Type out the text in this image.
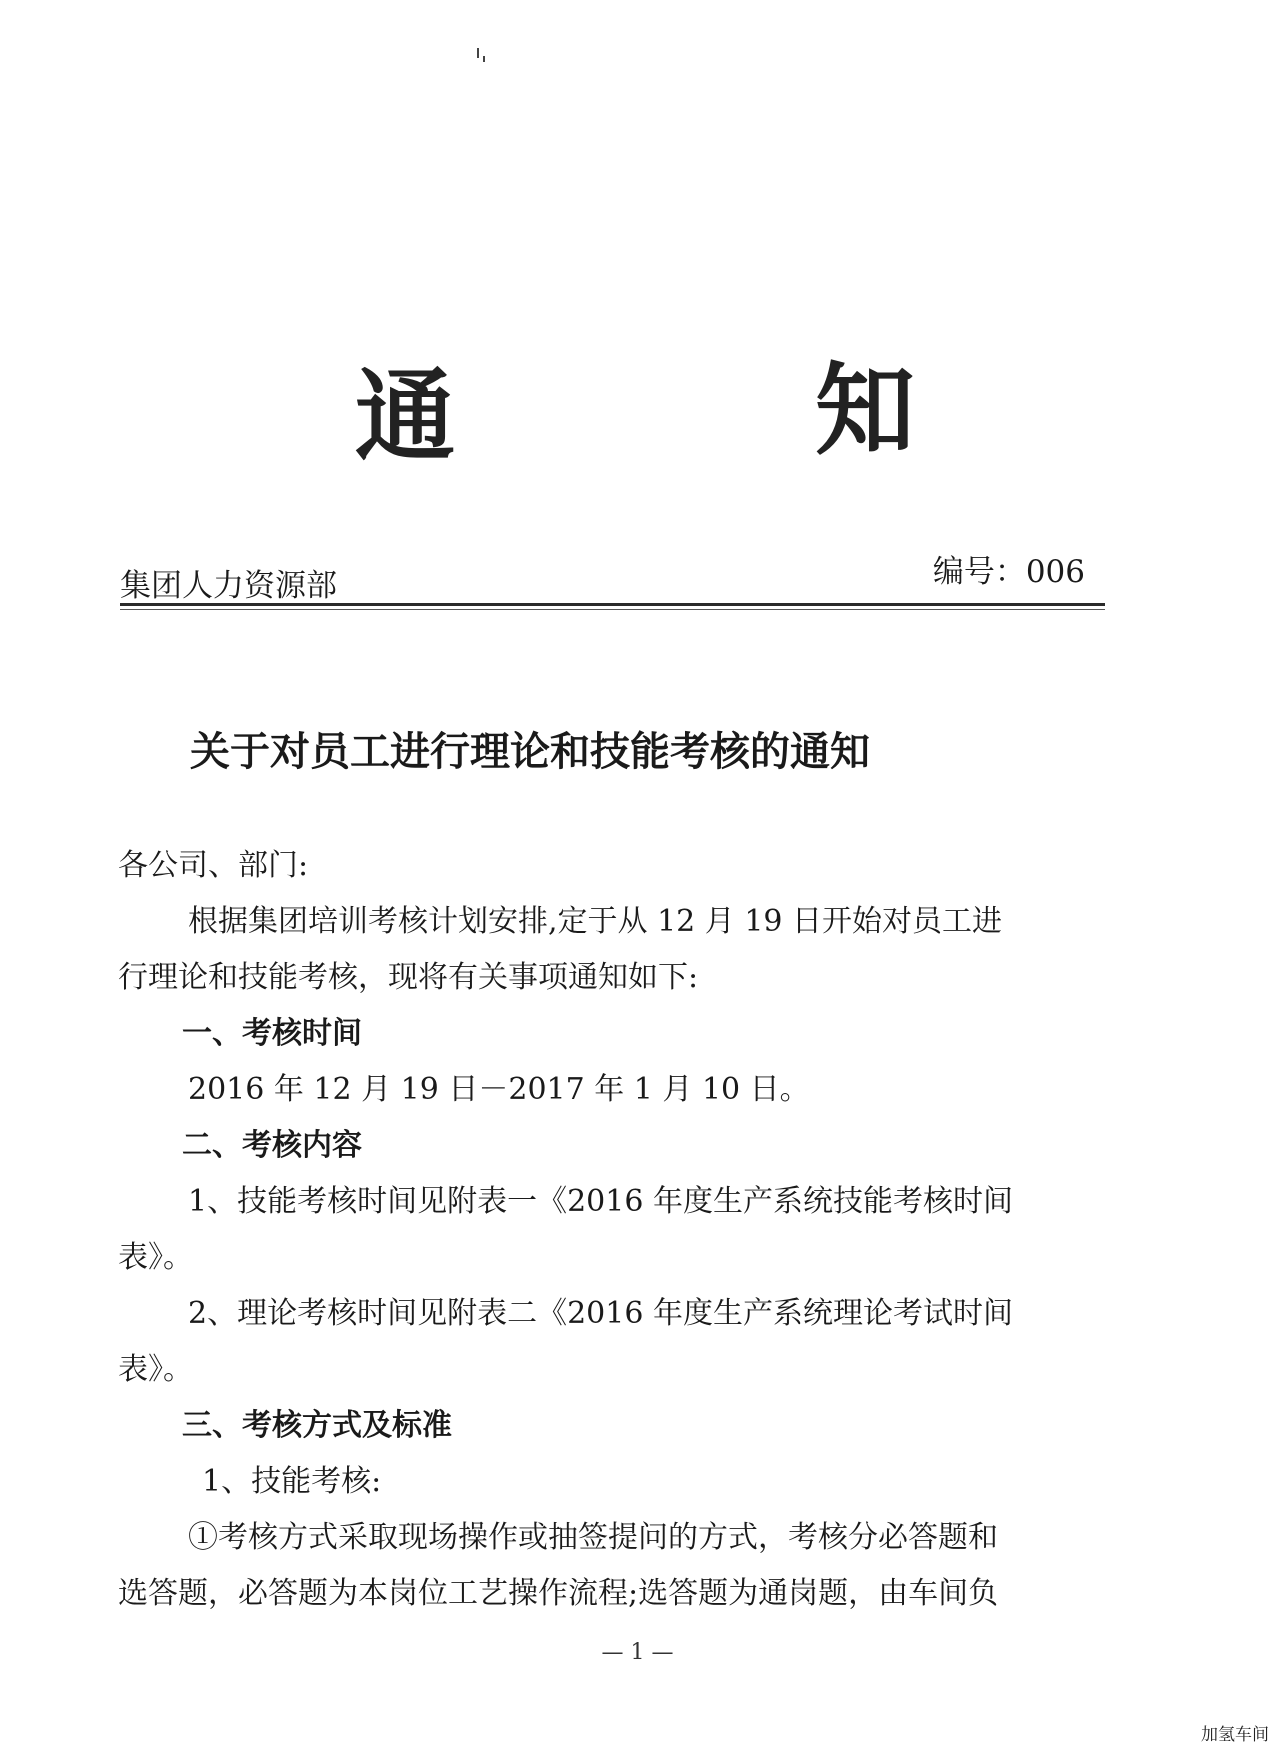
通	知
集团人力资源部	编号：006
关于对员工进行理论和技能考核的通知

各公司、部门:

根据集团培训考核计划安排,定于从 12 月 19 日开始对员工进

行理论和技能考核，现将有关事项通知如下:

一、考核时间

2016 年 12 月 19 日－2017 年 1 月 10 日。

二、考核内容

1、技能考核时间见附表一《2016 年度生产系统技能考核时间

表》。

2、理论考核时间见附表二《2016 年度生产系统理论考试时间

表》。

三、考核方式及标准

1、技能考核:

①考核方式采取现场操作或抽签提问的方式，考核分必答题和

选答题，必答题为本岗位工艺操作流程;选答题为通岗题，由车间负

— 1 —
加氢车间
